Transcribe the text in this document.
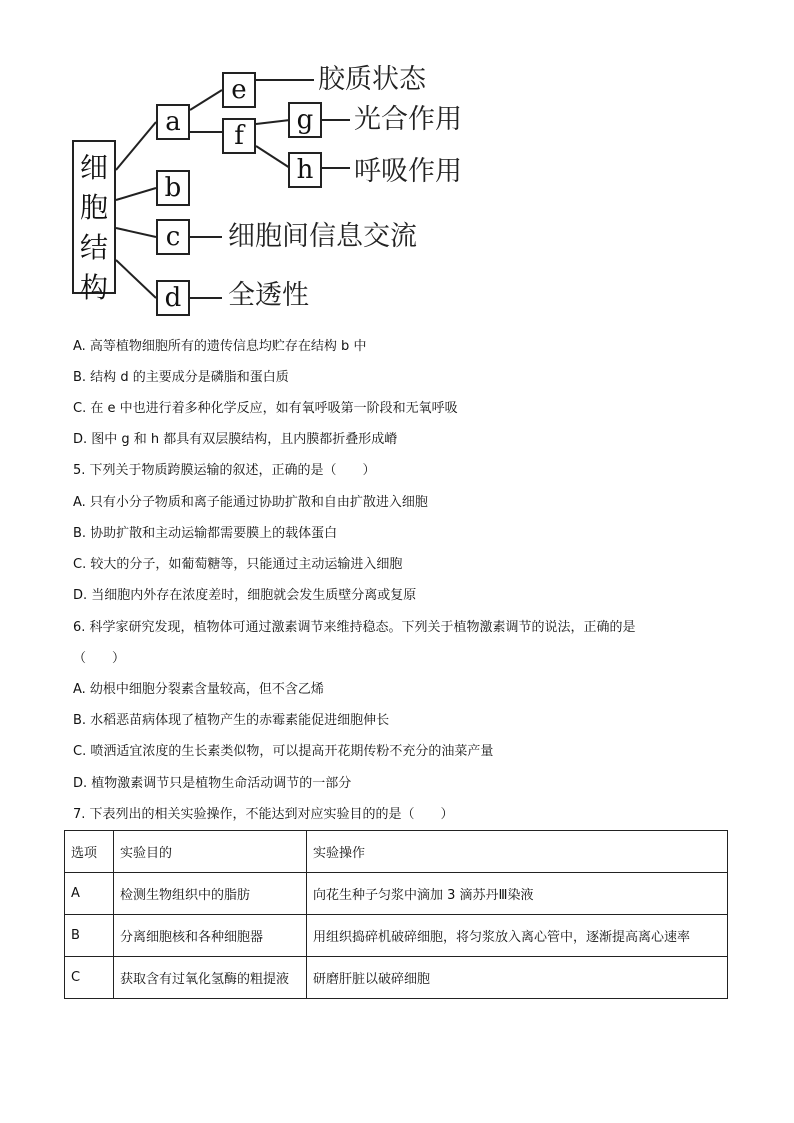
细
胞
结
构
a
b
c
d
e
f
g
h
胶质状态
光合作用
呼吸作用
细胞间信息交流
全透性
A. 高等植物细胞所有的遗传信息均贮存在结构 b 中
B. 结构 d 的主要成分是磷脂和蛋白质
C. 在 e 中也进行着多种化学反应，如有氧呼吸第一阶段和无氧呼吸
D. 图中 g 和 h 都具有双层膜结构，且内膜都折叠形成嵴
5. 下列关于物质跨膜运输的叙述，正确的是（　　）
A. 只有小分子物质和离子能通过协助扩散和自由扩散进入细胞
B. 协助扩散和主动运输都需要膜上的载体蛋白
C. 较大的分子，如葡萄糖等，只能通过主动运输进入细胞
D. 当细胞内外存在浓度差时，细胞就会发生质壁分离或复原
6. 科学家研究发现，植物体可通过激素调节来维持稳态。下列关于植物激素调节的说法，正确的是
（　　）
A. 幼根中细胞分裂素含量较高，但不含乙烯
B. 水稻恶苗病体现了植物产生的赤霉素能促进细胞伸长
C. 喷洒适宜浓度的生长素类似物，可以提高开花期传粉不充分的油菜产量
D. 植物激素调节只是植物生命活动调节的一部分
7. 下表列出的相关实验操作，不能达到对应实验目的的是（　　）
选项	实验目的	实验操作
A	检测生物组织中的脂肪	向花生种子匀浆中滴加 3 滴苏丹Ⅲ染液
B	分离细胞核和各种细胞器	用组织捣碎机破碎细胞，将匀浆放入离心管中，逐渐提高离心速率
C	获取含有过氧化氢酶的粗提液	研磨肝脏以破碎细胞
